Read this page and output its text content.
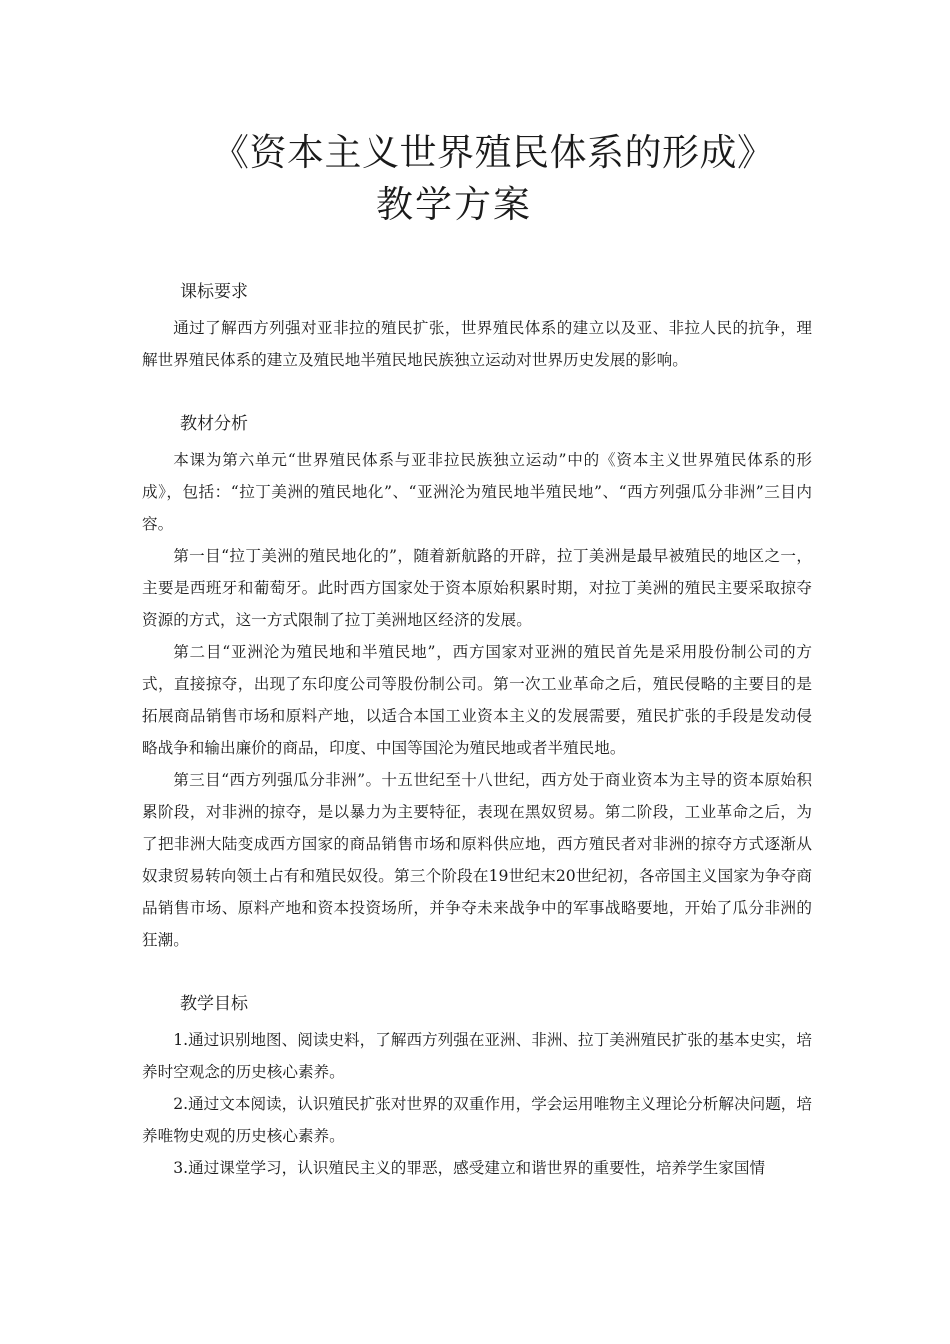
《资本主义世界殖民体系的形成》
教学方案
课标要求

通过了解西方列强对亚非拉的殖民扩张，世界殖民体系的建立以及亚、非拉人民的抗争，理解世界殖民体系的建立及殖民地半殖民地民族独立运动对世界历史发展的影响。

教材分析

本课为第六单元“世界殖民体系与亚非拉民族独立运动”中的《资本主义世界殖民体系的形成》，包括：“拉丁美洲的殖民地化”、“亚洲沦为殖民地半殖民地”、“西方列强瓜分非洲”三目内容。

第一目“拉丁美洲的殖民地化的”，随着新航路的开辟，拉丁美洲是最早被殖民的地区之一，主要是西班牙和葡萄牙。此时西方国家处于资本原始积累时期，对拉丁美洲的殖民主要采取掠夺资源的方式，这一方式限制了拉丁美洲地区经济的发展。

第二目“亚洲沦为殖民地和半殖民地”，西方国家对亚洲的殖民首先是采用股份制公司的方式，直接掠夺，出现了东印度公司等股份制公司。第一次工业革命之后，殖民侵略的主要目的是拓展商品销售市场和原料产地，以适合本国工业资本主义的发展需要，殖民扩张的手段是发动侵略战争和输出廉价的商品，印度、中国等国沦为殖民地或者半殖民地。

第三目“西方列强瓜分非洲”。十五世纪至十八世纪，西方处于商业资本为主导的资本原始积累阶段，对非洲的掠夺，是以暴力为主要特征，表现在黑奴贸易。第二阶段，工业革命之后，为了把非洲大陆变成西方国家的商品销售市场和原料供应地，西方殖民者对非洲的掠夺方式逐渐从奴隶贸易转向领土占有和殖民奴役。第三个阶段在19世纪末20世纪初，各帝国主义国家为争夺商品销售市场、原料产地和资本投资场所，并争夺未来战争中的军事战略要地，开始了瓜分非洲的狂潮。

教学目标

1.通过识别地图、阅读史料，了解西方列强在亚洲、非洲、拉丁美洲殖民扩张的基本史实，培养时空观念的历史核心素养。

2.通过文本阅读，认识殖民扩张对世界的双重作用，学会运用唯物主义理论分析解决问题，培养唯物史观的历史核心素养。

3.通过课堂学习，认识殖民主义的罪恶，感受建立和谐世界的重要性，培养学生家国情
